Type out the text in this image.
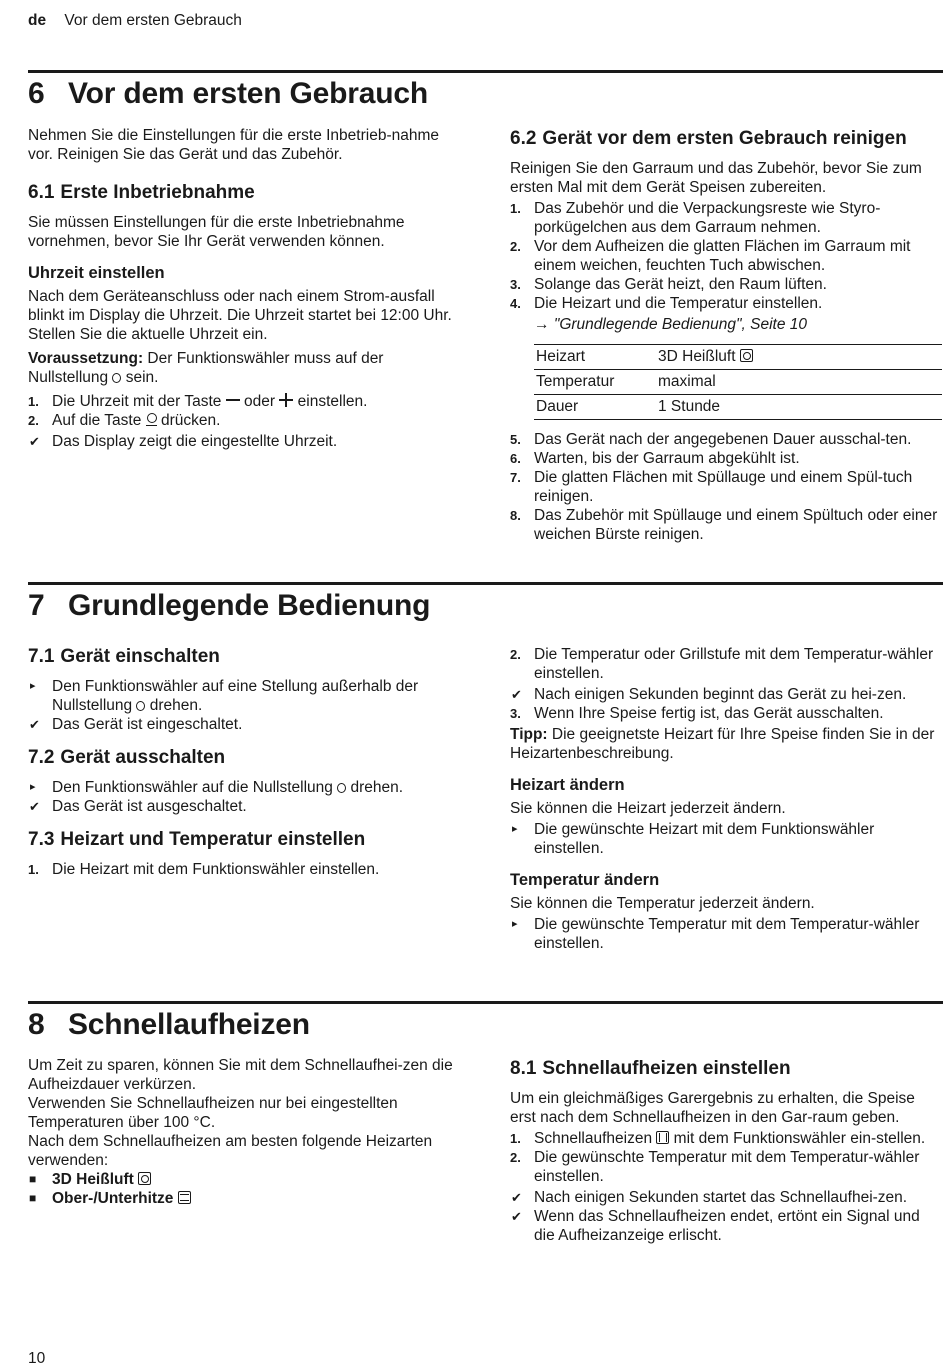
de Vor dem ersten Gebrauch
6 Vor dem ersten Gebrauch

Nehmen Sie die Einstellungen für die erste Inbetrieb-nahme vor. Reinigen Sie das Gerät und das Zubehör.

6.1 Erste Inbetriebnahme

Sie müssen Einstellungen für die erste Inbetriebnahme vornehmen, bevor Sie Ihr Gerät verwenden können.

Uhrzeit einstellen

Nach dem Geräteanschluss oder nach einem Strom-ausfall blinkt im Display die Uhrzeit. Die Uhrzeit startet bei 12:00 Uhr. Stellen Sie die aktuelle Uhrzeit ein.

Voraussetzung: Der Funktionswähler muss auf der Nullstellung  sein.

1. Die Uhrzeit mit der Taste  oder  einstellen.
2. Auf die Taste  drücken.
✔ Das Display zeigt die eingestellte Uhrzeit.
6.2 Gerät vor dem ersten Gebrauch reinigen

Reinigen Sie den Garraum und das Zubehör, bevor Sie zum ersten Mal mit dem Gerät Speisen zubereiten.

1. Das Zubehör und die Verpackungsreste wie Styro-porkügelchen aus dem Garraum nehmen.
2. Vor dem Aufheizen die glatten Flächen im Garraum mit einem weichen, feuchten Tuch abwischen.
3. Solange das Gerät heizt, den Raum lüften.
4. Die Heizart und die Temperatur einstellen.
→ "Grundlegende Bedienung", Seite 10
Heizart	3D Heißluft
Temperatur	maximal
Dauer	1 Stunde
5. Das Gerät nach der angegebenen Dauer ausschal-ten.
6. Warten, bis der Garraum abgekühlt ist.
7. Die glatten Flächen mit Spüllauge und einem Spül-tuch reinigen.
8. Das Zubehör mit Spüllauge und einem Spültuch oder einer weichen Bürste reinigen.
7 Grundlegende Bedienung
7.1 Gerät einschalten
▸ Den Funktionswähler auf eine Stellung außerhalb der Nullstellung  drehen.
✔ Das Gerät ist eingeschaltet.
7.2 Gerät ausschalten
▸ Den Funktionswähler auf die Nullstellung  drehen.
✔ Das Gerät ist ausgeschaltet.
7.3 Heizart und Temperatur einstellen
1. Die Heizart mit dem Funktionswähler einstellen.
2. Die Temperatur oder Grillstufe mit dem Temperatur-wähler einstellen.
✔ Nach einigen Sekunden beginnt das Gerät zu hei-zen.
3. Wenn Ihre Speise fertig ist, das Gerät ausschalten.

Tipp: Die geeignetste Heizart für Ihre Speise finden Sie in der Heizartenbeschreibung.

Heizart ändern

Sie können die Heizart jederzeit ändern.

▸ Die gewünschte Heizart mit dem Funktionswähler einstellen.
Temperatur ändern

Sie können die Temperatur jederzeit ändern.

▸ Die gewünschte Temperatur mit dem Temperatur-wähler einstellen.
8 Schnellaufheizen

Um Zeit zu sparen, können Sie mit dem Schnellaufhei-zen die Aufheizdauer verkürzen.

Verwenden Sie Schnellaufheizen nur bei eingestellten Temperaturen über 100 °C.

Nach dem Schnellaufheizen am besten folgende Heizarten verwenden:

■ 3D Heißluft
■ Ober-/Unterhitze
8.1 Schnellaufheizen einstellen

Um ein gleichmäßiges Garergebnis zu erhalten, die Speise erst nach dem Schnellaufheizen in den Gar-raum geben.

1. Schnellaufheizen  mit dem Funktionswähler ein-stellen.
2. Die gewünschte Temperatur mit dem Temperatur-wähler einstellen.
✔ Nach einigen Sekunden startet das Schnellaufhei-zen.
✔ Wenn das Schnellaufheizen endet, ertönt ein Signal und die Aufheizanzeige erlischt.
10
